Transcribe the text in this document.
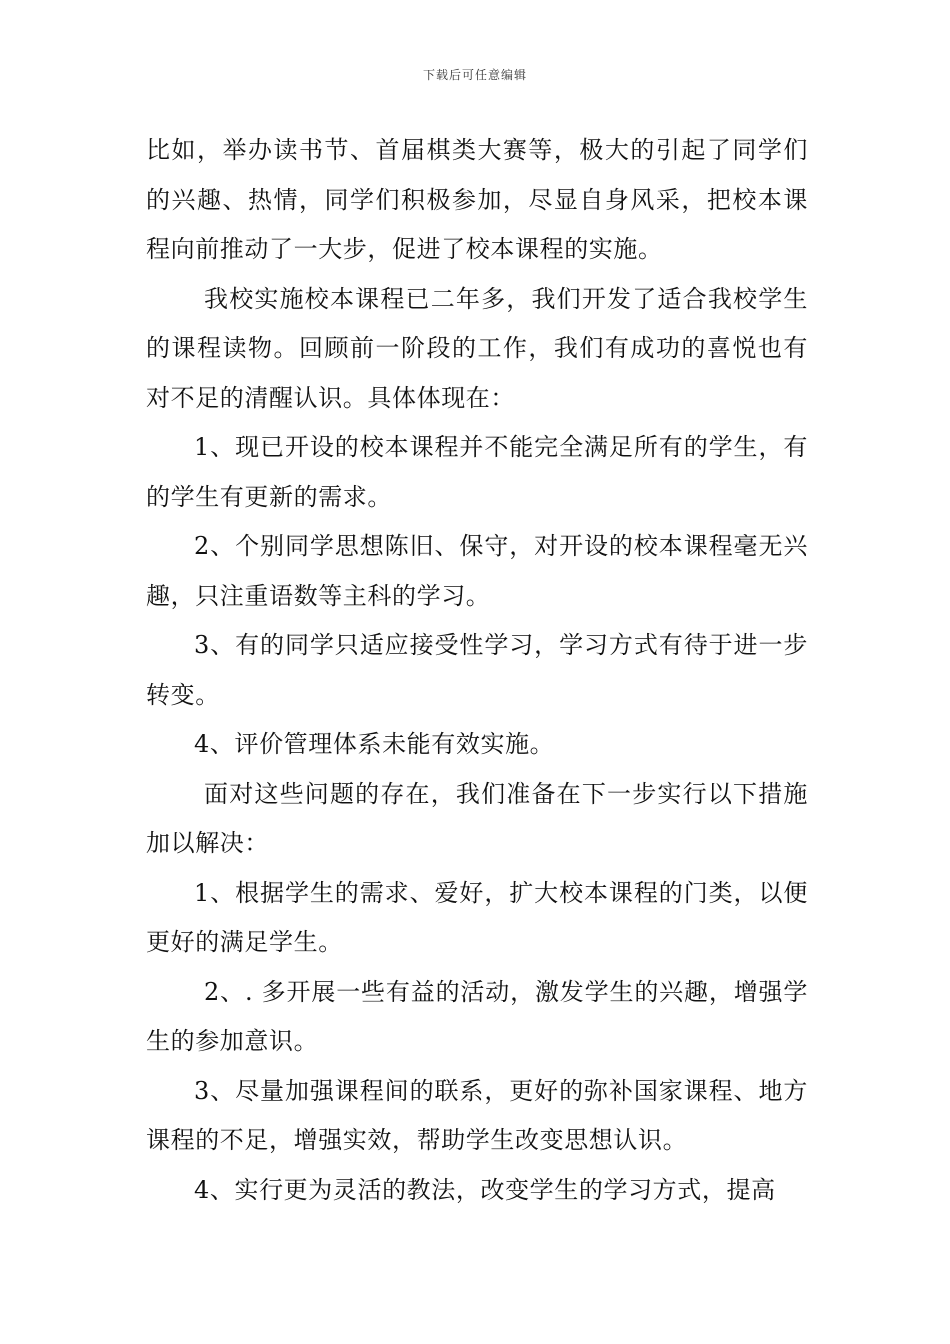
下载后可任意编辑

比如，举办读书节、首届棋类大赛等，极大的引起了同学们的兴趣、热情，同学们积极参加，尽显自身风采，把校本课程向前推动了一大步，促进了校本课程的实施。

我校实施校本课程已二年多，我们开发了适合我校学生的课程读物。回顾前一阶段的工作，我们有成功的喜悦也有对不足的清醒认识。具体体现在：

1、现已开设的校本课程并不能完全满足所有的学生，有的学生有更新的需求。

2、个别同学思想陈旧、保守，对开设的校本课程毫无兴趣，只注重语数等主科的学习。

3、有的同学只适应接受性学习，学习方式有待于进一步转变。

4、评价管理体系未能有效实施。

面对这些问题的存在，我们准备在下一步实行以下措施加以解决：

1、根据学生的需求、爱好，扩大校本课程的门类，以便更好的满足学生。

2、. 多开展一些有益的活动，激发学生的兴趣，增强学生的参加意识。

3、尽量加强课程间的联系，更好的弥补国家课程、地方课程的不足，增强实效，帮助学生改变思想认识。

4、实行更为灵活的教法，改变学生的学习方式，提高
